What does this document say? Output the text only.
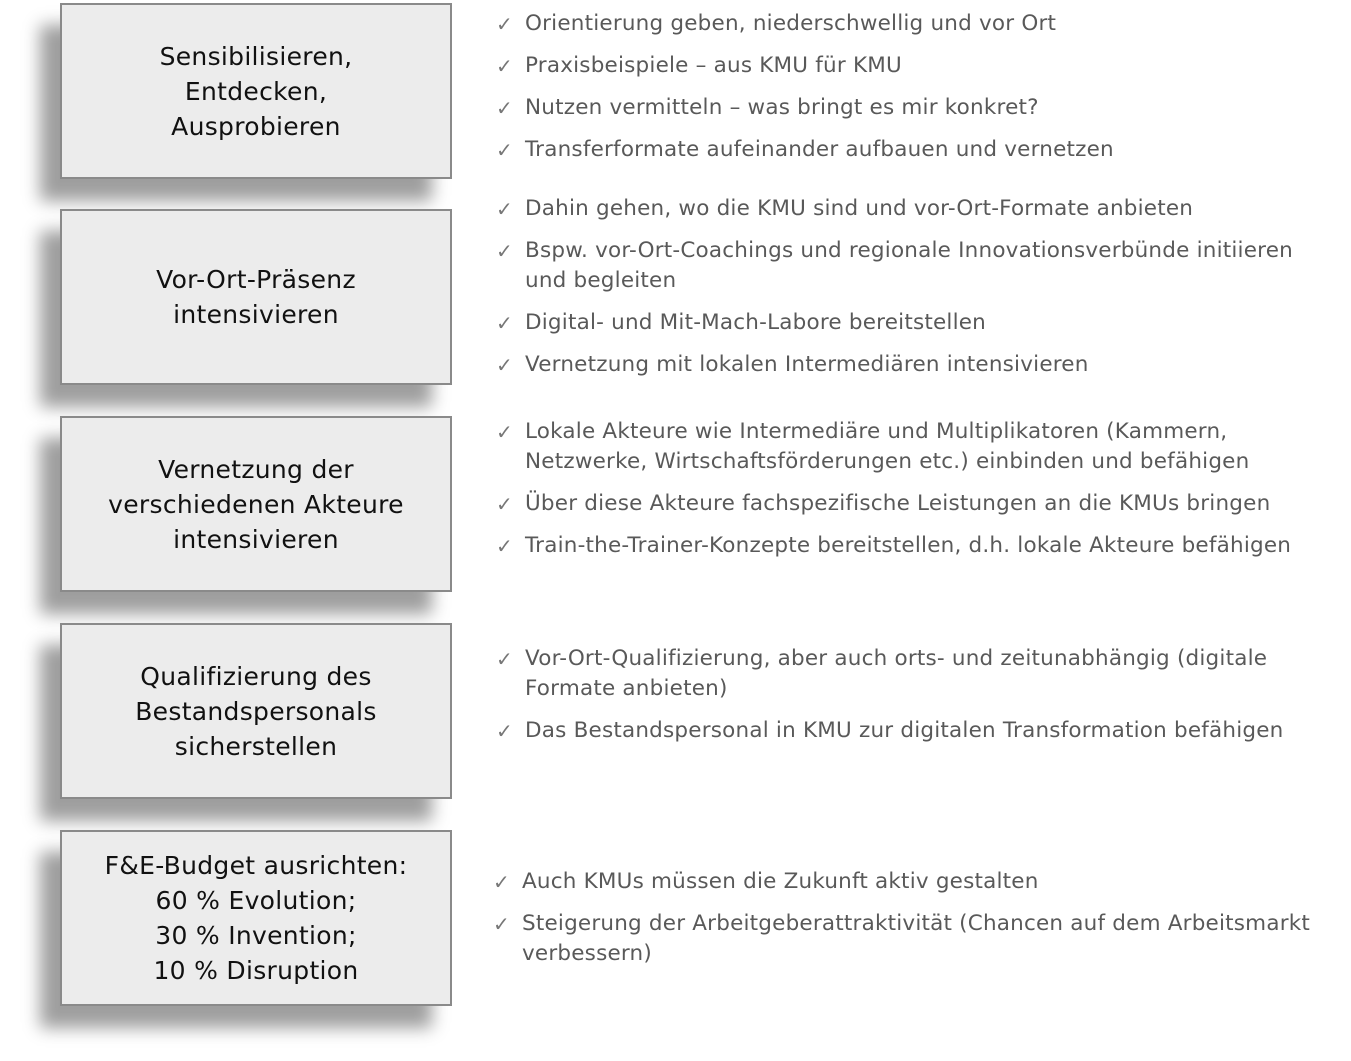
Sensibilisieren,
Entdecken,
Ausprobieren
✓ Orientierung geben, niederschwellig und vor Ort
✓ Praxisbeispiele – aus KMU für KMU
✓ Nutzen vermitteln – was bringt es mir konkret?
✓ Transferformate aufeinander aufbauen und vernetzen
Vor-Ort-Präsenz
intensivieren
✓ Dahin gehen, wo die KMU sind und vor-Ort-Formate anbieten
✓ Bspw. vor-Ort-Coachings und regionale Innovationsverbünde initiieren und begleiten
✓ Digital- und Mit-Mach-Labore bereitstellen
✓ Vernetzung mit lokalen Intermediären intensivieren
Vernetzung der
verschiedenen Akteure
intensivieren
✓ Lokale Akteure wie Intermediäre und Multiplikatoren (Kammern, Netzwerke, Wirtschaftsförderungen etc.) einbinden und befähigen
✓ Über diese Akteure fachspezifische Leistungen an die KMUs bringen
✓ Train-the-Trainer-Konzepte bereitstellen, d.h. lokale Akteure befähigen
Qualifizierung des
Bestandspersonals
sicherstellen
✓ Vor-Ort-Qualifizierung, aber auch orts- und zeitunabhängig (digitale Formate anbieten)
✓ Das Bestandspersonal in KMU zur digitalen Transformation befähigen
F&E-Budget ausrichten:
60 % Evolution;
30 % Invention;
10 % Disruption
✓ Auch KMUs müssen die Zukunft aktiv gestalten
✓ Steigerung der Arbeitgeberattraktivität (Chancen auf dem Arbeitsmarkt verbessern)
